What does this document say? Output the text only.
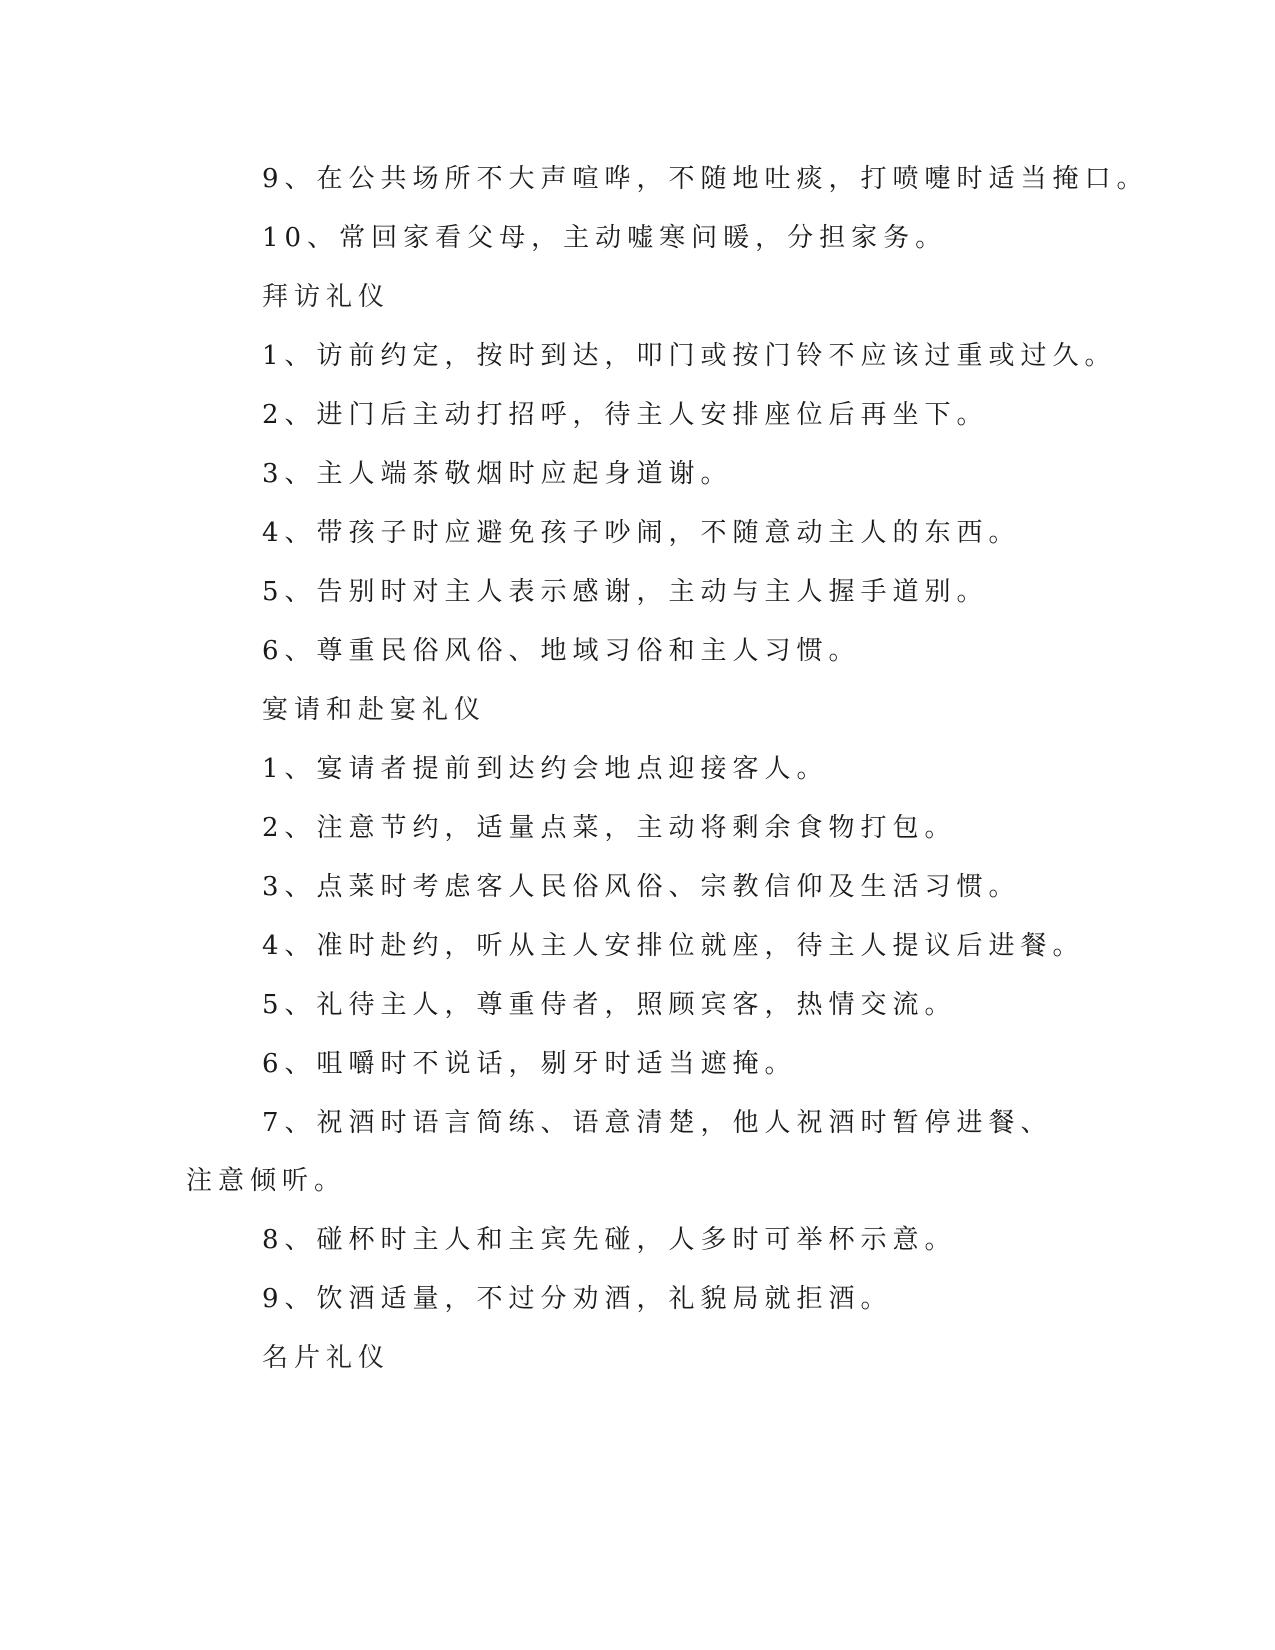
9、在公共场所不大声喧哗，不随地吐痰，打喷嚏时适当掩口。
10、常回家看父母，主动嘘寒问暖，分担家务。
拜访礼仪
1、访前约定，按时到达，叩门或按门铃不应该过重或过久。
2、进门后主动打招呼，待主人安排座位后再坐下。
3、主人端茶敬烟时应起身道谢。
4、带孩子时应避免孩子吵闹，不随意动主人的东西。
5、告别时对主人表示感谢，主动与主人握手道别。
6、尊重民俗风俗、地域习俗和主人习惯。
宴请和赴宴礼仪
1、宴请者提前到达约会地点迎接客人。
2、注意节约，适量点菜，主动将剩余食物打包。
3、点菜时考虑客人民俗风俗、宗教信仰及生活习惯。
4、准时赴约，听从主人安排位就座，待主人提议后进餐。
5、礼待主人，尊重侍者，照顾宾客，热情交流。
6、咀嚼时不说话，剔牙时适当遮掩。
7、祝酒时语言简练、语意清楚，他人祝酒时暂停进餐、注意倾听。
8、碰杯时主人和主宾先碰，人多时可举杯示意。
9、饮酒适量，不过分劝酒，礼貌局就拒酒。
名片礼仪
